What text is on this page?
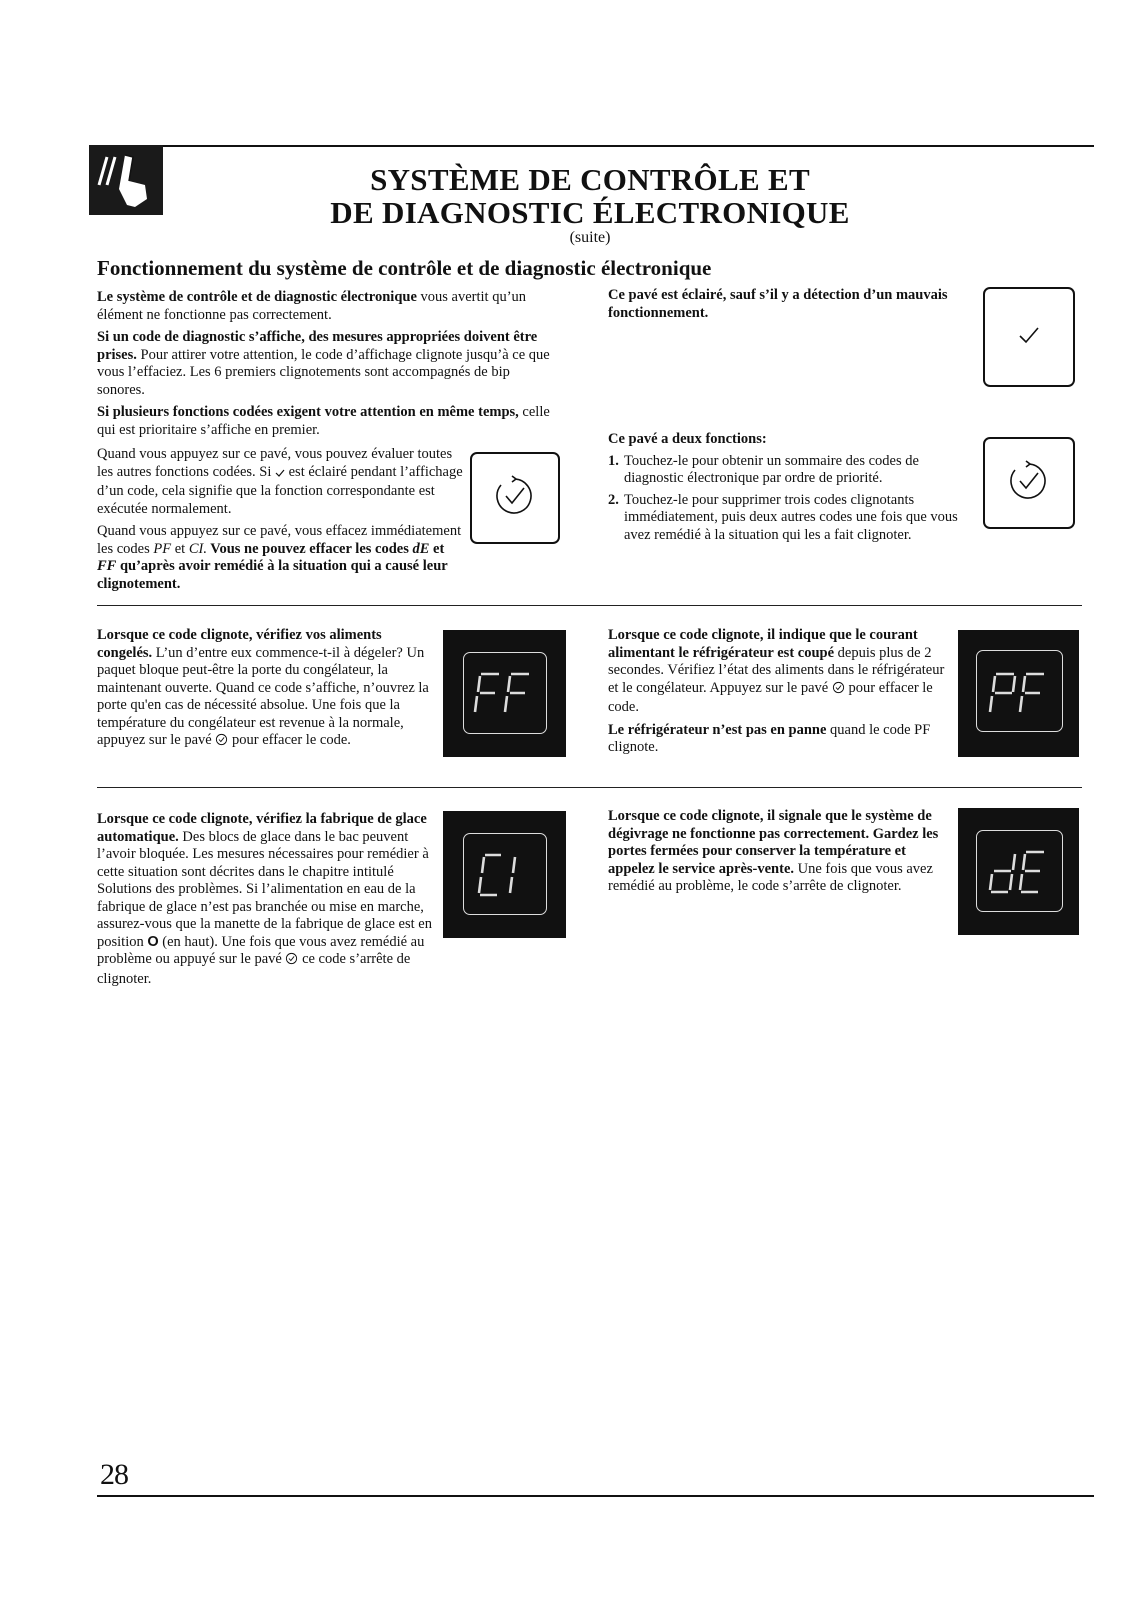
SYSTÈME DE CONTRÔLE ET
DE DIAGNOSTIC ÉLECTRONIQUE
(suite)
Fonctionnement du système de contrôle et de diagnostic électronique

Le système de contrôle et de diagnostic électronique vous avertit qu’un élément ne fonctionne pas correctement.

Si un code de diagnostic s’affiche, des mesures appropriées doivent être prises. Pour attirer votre attention, le code d’affichage clignote jusqu’à ce que vous l’effaciez. Les 6 premiers clignotements sont accompagnés de bip sonores.

Si plusieurs fonctions codées exigent votre attention en même temps, celle qui est prioritaire s’affiche en premier.

Quand vous appuyez sur ce pavé, vous pouvez évaluer toutes les autres fonctions codées. Si  est éclairé pendant l’affichage d’un code, cela signifie que la fonction correspondante est exécutée normalement.

Quand vous appuyez sur ce pavé, vous effacez immédiatement les codes PF et CI. Vous ne pouvez effacer les codes dE et FF qu’après avoir remédié à la situation qui a causé leur clignotement.

Ce pavé est éclairé, sauf s’il y a détection d’un mauvais fonctionnement.

Ce pavé a deux fonctions:

1. Touchez-le pour obtenir un sommaire des codes de diagnostic électronique par ordre de priorité.
2. Touchez-le pour supprimer trois codes clignotants immédiatement, puis deux autres codes une fois que vous avez remédié à la situation qui les a fait clignoter.

Lorsque ce code clignote, vérifiez vos aliments congelés. L’un d’entre eux commence-t-il à dégeler? Un paquet bloque peut-être la porte du congélateur, la maintenant ouverte. Quand ce code s’affiche, n’ouvrez la porte qu'en cas de nécessité absolue. Une fois que la température du congélateur est revenue à la normale, appuyez sur le pavé  pour effacer le code.

Lorsque ce code clignote, il indique que le courant alimentant le réfrigérateur est coupé depuis plus de 2 secondes. Vérifiez l’état des aliments dans le réfrigérateur et le congélateur. Appuyez sur le pavé  pour effacer le code.

Le réfrigérateur n’est pas en panne quand le code PF clignote.

Lorsque ce code clignote, vérifiez la fabrique de glace automatique. Des blocs de glace dans le bac peuvent l’avoir bloquée. Les mesures nécessaires pour remédier à cette situation sont décrites dans le chapitre intitulé Solutions des problèmes. Si l’alimentation en eau de la fabrique de glace n’est pas branchée ou mise en marche, assurez-vous que la manette de la fabrique de glace est en position O (en haut). Une fois que vous avez remédié au problème ou appuyé sur le pavé  ce code s’arrête de clignoter.

Lorsque ce code clignote, il signale que le système de dégivrage ne fonctionne pas correctement. Gardez les portes fermées pour conserver la température et appelez le service après-vente. Une fois que vous avez remédié au problème, le code s’arrête de clignoter.

28
